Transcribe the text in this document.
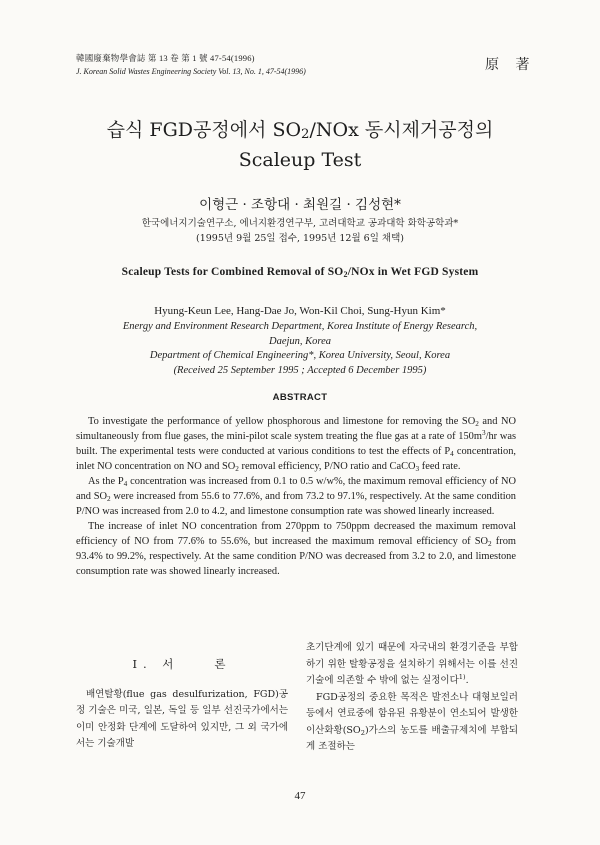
韓國廢棄物學會誌 第 13 卷 第 1 號 47-54(1996)
J. Korean Solid Wastes Engineering Society Vol. 13, No. 1, 47-54(1996)	原 著
습식 FGD공정에서 $SO_2$/NOx 동시제거공정의
Scaleup Test
이형근 · 조항대 · 최원길 · 김성현*
한국에너지기술연구소, 에너지환경연구부, 고려대학교 공과대학 화학공학과*
(1995년 9월 25일 접수, 1995년 12월 6일 채택)
Scaleup Tests for Combined Removal of $SO_2$/NOx in Wet FGD System
Hyung-Keun Lee, Hang-Dae Jo, Won-Kil Choi, Sung-Hyun Kim*
Energy and Environment Research Department, Korea Institute of Energy Research,
Daejun, Korea
Department of Chemical Engineering*, Korea University, Seoul, Korea
(Received 25 September 1995 ; Accepted 6 December 1995)
ABSTRACT

To investigate the performance of yellow phosphorous and limestone for removing the $SO_2$ and NO simultaneously from flue gases, the mini-pilot scale system treating the flue gas at a rate of $150m^3/hr$ was built. The experimental tests were conducted at various conditions to test the effects of $P_4$ concentration, inlet NO concentration on NO and $SO_2$ removal efficiency, P/NO ratio and CaCO$_3$ feed rate.

As the $P_4$ concentration was increased from 0.1 to 0.5 w/w%, the maximum removal efficiency of NO and $SO_2$ were increased from 55.6 to 77.6%, and from 73.2 to 97.1%, respectively. At the same condition P/NO was increased from 2.0 to 4.2, and limestone consumption rate was showed linearly increased.

The increase of inlet NO concentration from 270ppm to 750ppm decreased the maximum removal efficiency of NO from 77.6% to 55.6%, but increased the maximum removal efficiency of $SO_2$ from 93.4% to 99.2%, respectively. At the same condition P/NO was decreased from 3.2 to 2.0, and limestone consumption rate was showed linearly increased.

I. 서　　론

배연탈황(flue gas desulfurization, FGD)공정 기술은 미국, 일본, 독일 등 일부 선진국가에서는 이미 안정화 단계에 도달하여 있지만, 그 외 국가에서는 기술개발

초기단계에 있기 때문에 자국내의 환경기준을 부합하기 위한 탈황공정을 설치하기 위해서는 이를 선진 기술에 의존할 수 밖에 없는 실정이다$^{1)}$.

FGD공정의 중요한 목적은 발전소나 대형보일러 등에서 연료중에 함유된 유황분이 연소되어 발생한 이산화황$(SO_2)$가스의 농도를 배출규제치에 부합되게 조절하는

47
